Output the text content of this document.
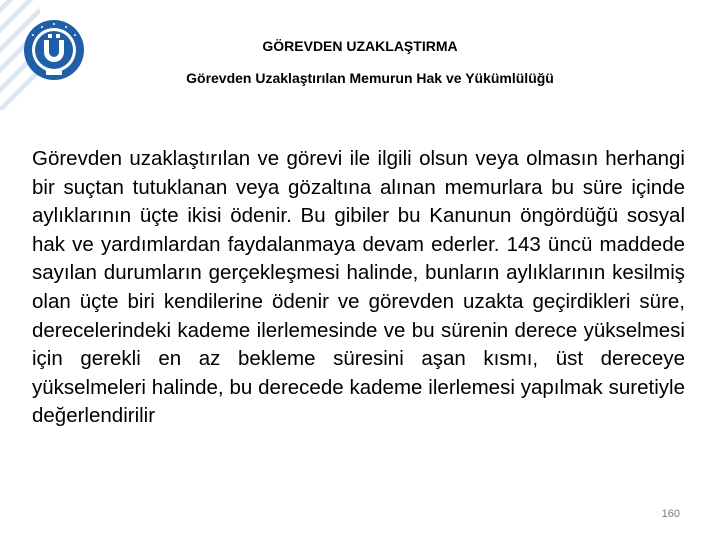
GÖREVDEN UZAKLAŞTIRMA
Görevden Uzaklaştırılan Memurun Hak ve Yükümlülüğü

Görevden uzaklaştırılan ve görevi ile ilgili olsun veya olmasın herhangi bir suçtan tutuklanan veya gözaltına alınan memurlara bu süre içinde aylıklarının üçte ikisi ödenir. Bu gibiler bu Kanunun öngördüğü sosyal hak ve yardımlardan faydalanmaya devam ederler. 143 üncü maddede sayılan durumların gerçekleşmesi halinde, bunların aylıklarının kesilmiş olan üçte biri kendilerine ödenir ve görevden uzakta geçirdikleri süre, derecelerindeki kademe ilerlemesinde ve bu sürenin derece yükselmesi için gerekli en az bekleme süresini aşan kısmı, üst dereceye yükselmeleri halinde, bu derecede kademe ilerlemesi yapılmak suretiyle değerlendirilir

160
